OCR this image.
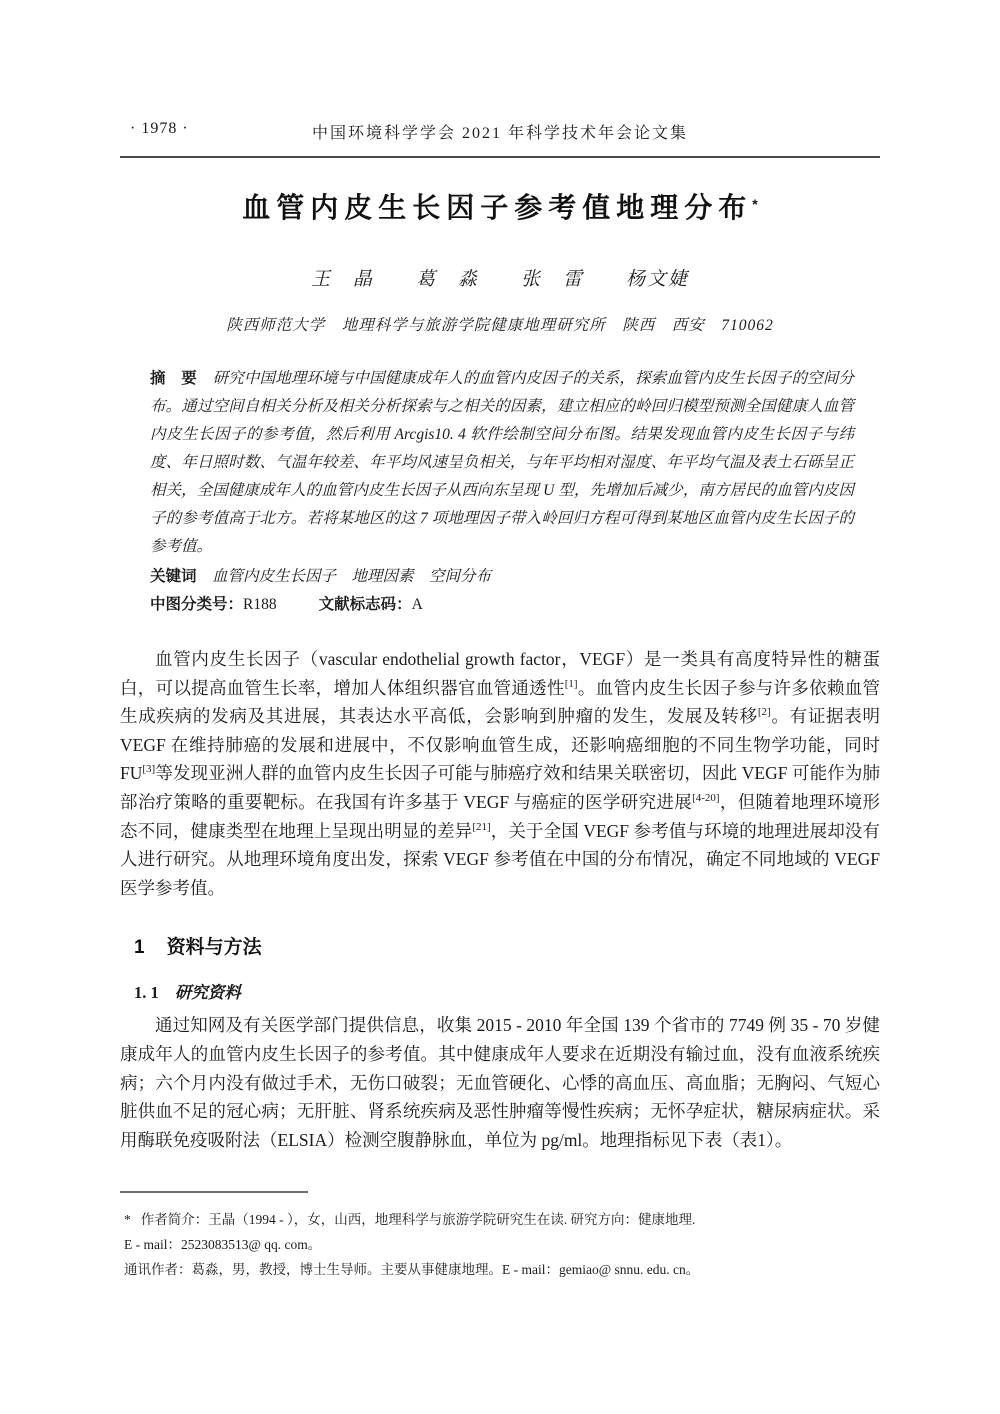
· 1978 ·	中国环境科学学会 2021 年科学技术年会论文集
血管内皮生长因子参考值地理分布*
王　晶　　葛　淼　　张　雷　　杨文婕
陕西师范大学　地理科学与旅游学院健康地理研究所　陕西　西安　710062

摘　要　 研究中国地理环境与中国健康成年人的血管内皮因子的关系，探索血管内皮生长因子的空间分布。通过空间自相关分析及相关分析探索与之相关的因素，建立相应的岭回归模型预测全国健康人血管内皮生长因子的参考值，然后利用 Arcgis10. 4 软件绘制空间分布图。结果发现血管内皮生长因子与纬度、年日照时数、气温年较差、年平均风速呈负相关，与年平均相对湿度、年平均气温及表土石砾呈正相关，全国健康成年人的血管内皮生长因子从西向东呈现 U 型，先增加后减少，南方居民的血管内皮因子的参考值高于北方。若将某地区的这 7 项地理因子带入岭回归方程可得到某地区血管内皮生长因子的参考值。

关键词　 血管内皮生长因子　地理因素　空间分布

中图分类号：R188	文献标志码：A

血管内皮生长因子（vascular endothelial growth factor，VEGF）是一类具有高度特异性的糖蛋白，可以提高血管生长率，增加人体组织器官血管通透性[1]。血管内皮生长因子参与许多依赖血管生成疾病的发病及其进展，其表达水平高低，会影响到肿瘤的发生，发展及转移[2]。有证据表明 VEGF 在维持肺癌的发展和进展中，不仅影响血管生成，还影响癌细胞的不同生物学功能，同时 FU[3]等发现亚洲人群的血管内皮生长因子可能与肺癌疗效和结果关联密切，因此 VEGF 可能作为肺部治疗策略的重要靶标。在我国有许多基于 VEGF 与癌症的医学研究进展[4-20]，但随着地理环境形态不同，健康类型在地理上呈现出明显的差异[21]，关于全国 VEGF 参考值与环境的地理进展却没有人进行研究。从地理环境角度出发，探索 VEGF 参考值在中国的分布情况，确定不同地域的 VEGF 医学参考值。

1 资料与方法
1. 1 研究资料

通过知网及有关医学部门提供信息，收集 2015 - 2010 年全国 139 个省市的 7749 例 35 - 70 岁健康成年人的血管内皮生长因子的参考值。其中健康成年人要求在近期没有输过血，没有血液系统疾病；六个月内没有做过手术，无伤口破裂；无血管硬化、心悸的高血压、高血脂；无胸闷、气短心脏供血不足的冠心病；无肝脏、肾系统疾病及恶性肿瘤等慢性疾病；无怀孕症状，糖尿病症状。采用酶联免疫吸附法（ELSIA）检测空腹静脉血，单位为 pg/ml。地理指标见下表（表1）。

* 作者简介：王晶（1994 - ），女，山西，地理科学与旅游学院研究生在读. 研究方向：健康地理.
E - mail：2523083513@ qq. com。
通讯作者：葛淼，男，教授，博士生导师。主要从事健康地理。E - mail：gemiao@ snnu. edu. cn。
